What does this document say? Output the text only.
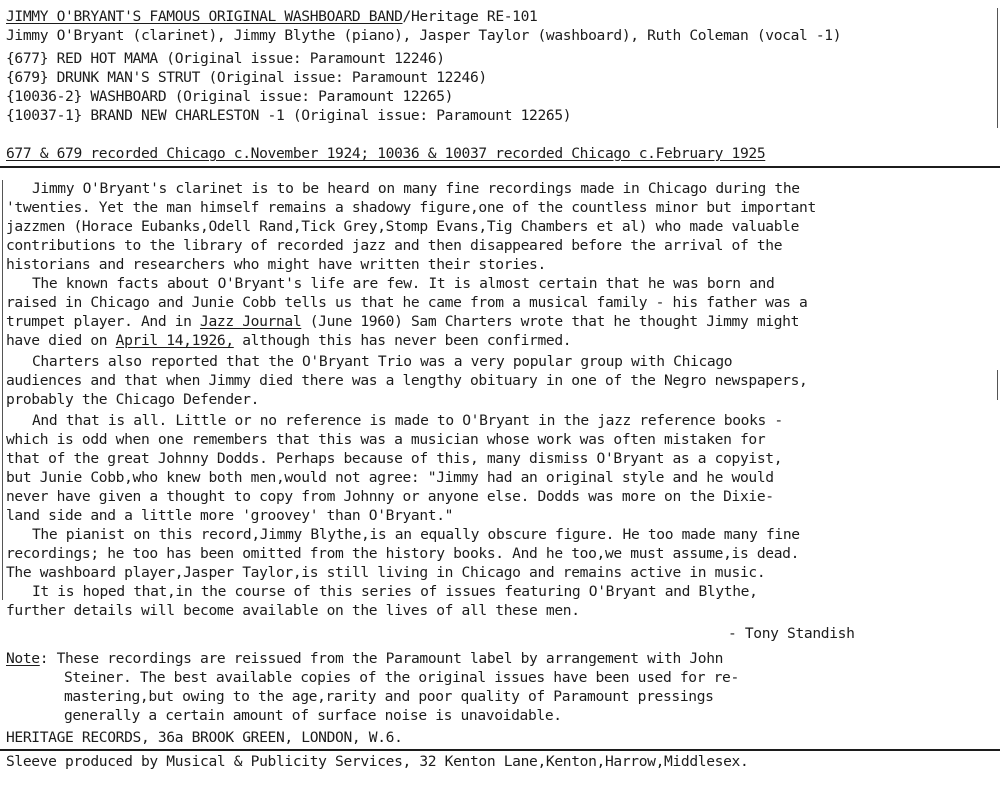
JIMMY O'BRYANT'S FAMOUS ORIGINAL WASHBOARD BAND/Heritage RE-101
Jimmy O'Bryant (clarinet), Jimmy Blythe (piano), Jasper Taylor (washboard), Ruth Coleman (vocal -1)
{677} RED HOT MAMA (Original issue: Paramount 12246)
{679} DRUNK MAN'S STRUT (Original issue: Paramount 12246)
{10036-2} WASHBOARD (Original issue: Paramount 12265)
{10037-1} BRAND NEW CHARLESTON -1 (Original issue: Paramount 12265)
677 & 679 recorded Chicago c.November 1924; 10036 & 10037 recorded Chicago c.February 1925
Jimmy O'Bryant's clarinet is to be heard on many fine recordings made in Chicago during the
'twenties. Yet the man himself remains a shadowy figure,one of the countless minor but important
jazzmen (Horace Eubanks,Odell Rand,Tick Grey,Stomp Evans,Tig Chambers et al) who made valuable
contributions to the library of recorded jazz and then disappeared before the arrival of the
historians and researchers who might have written their stories.
The known facts about O'Bryant's life are few. It is almost certain that he was born and
raised in Chicago and Junie Cobb tells us that he came from a musical family - his father was a
trumpet player. And in Jazz Journal (June 1960) Sam Charters wrote that he thought Jimmy might
have died on April 14,1926, although this has never been confirmed.
Charters also reported that the O'Bryant Trio was a very popular group with Chicago
audiences and that when Jimmy died there was a lengthy obituary in one of the Negro newspapers,
probably the Chicago Defender.
And that is all. Little or no reference is made to O'Bryant in the jazz reference books -
which is odd when one remembers that this was a musician whose work was often mistaken for
that of the great Johnny Dodds. Perhaps because of this, many dismiss O'Bryant as a copyist,
but Junie Cobb,who knew both men,would not agree: "Jimmy had an original style and he would
never have given a thought to copy from Johnny or anyone else. Dodds was more on the Dixie-
land side and a little more 'groovey' than O'Bryant."
The pianist on this record,Jimmy Blythe,is an equally obscure figure. He too made many fine
recordings; he too has been omitted from the history books. And he too,we must assume,is dead.
The washboard player,Jasper Taylor,is still living in Chicago and remains active in music.
It is hoped that,in the course of this series of issues featuring O'Bryant and Blythe,
further details will become available on the lives of all these men.
- Tony Standish
Note: These recordings are reissued from the Paramount label by arrangement with John
Steiner. The best available copies of the original issues have been used for re-
mastering,but owing to the age,rarity and poor quality of Paramount pressings
generally a certain amount of surface noise is unavoidable.
HERITAGE RECORDS, 36a BROOK GREEN, LONDON, W.6.
Sleeve produced by Musical & Publicity Services, 32 Kenton Lane,Kenton,Harrow,Middlesex.
